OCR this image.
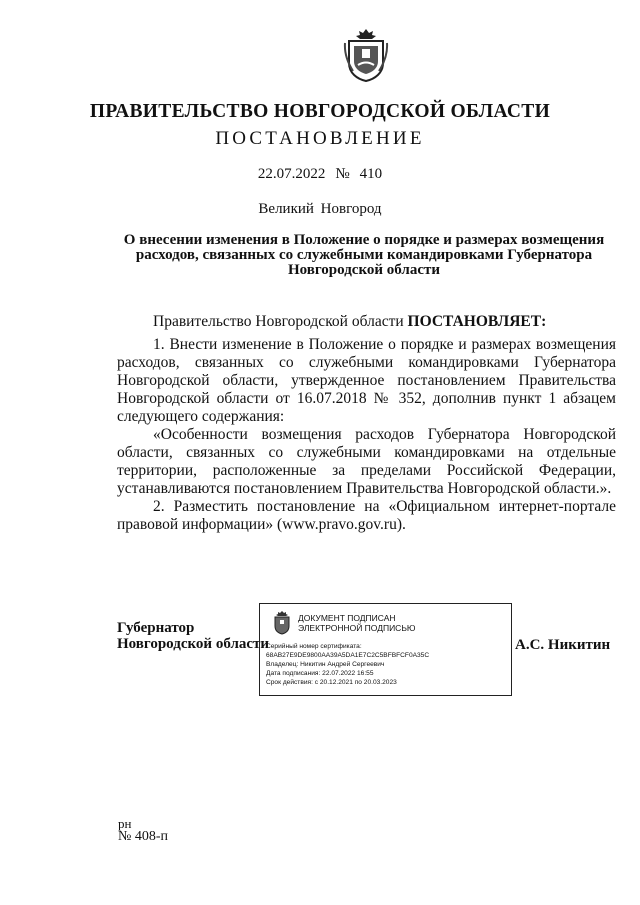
ПРАВИТЕЛЬСТВО НОВГОРОДСКОЙ ОБЛАСТИ
ПОСТАНОВЛЕНИЕ
22.07.2022 № 410
Великий Новгород
О внесении изменения в Положение о порядке и размерах возмещения
расходов, связанных со служебными командировками Губернатора
Новгородской области
Правительство Новгородской области ПОСТАНОВЛЯЕТ:
1. Внести изменение в Положение о порядке и размерах возмещения
расходов, связанных со служебными командировками Губернатора
Новгородской области, утвержденное постановлением Правительства
Новгородской области от 16.07.2018 № 352, дополнив пункт 1 абзацем
следующего содержания:
«Особенности возмещения расходов Губернатора Новгородской
области, связанных со служебными командировками на отдельные
территории, расположенные за пределами Российской Федерации,
устанавливаются постановлением Правительства Новгородской области.».
2. Разместить постановление на «Официальном интернет-портале
правовой информации» (www.pravo.gov.ru).
Губернатор
Новгородской области
ДОКУМЕНТ ПОДПИСАН
ЭЛЕКТРОННОЙ ПОДПИСЬЮ
Серийный номер сертификата:
68AB27E9DE9800AA39A5DA1E7C2C5BFBFCF0A35C
Владелец: Никитин Андрей Сергеевич
Дата подписания: 22.07.2022 16:55
Срок действия: с 20.12.2021 по 20.03.2023
А.С. Никитин
рн
№ 408-п
